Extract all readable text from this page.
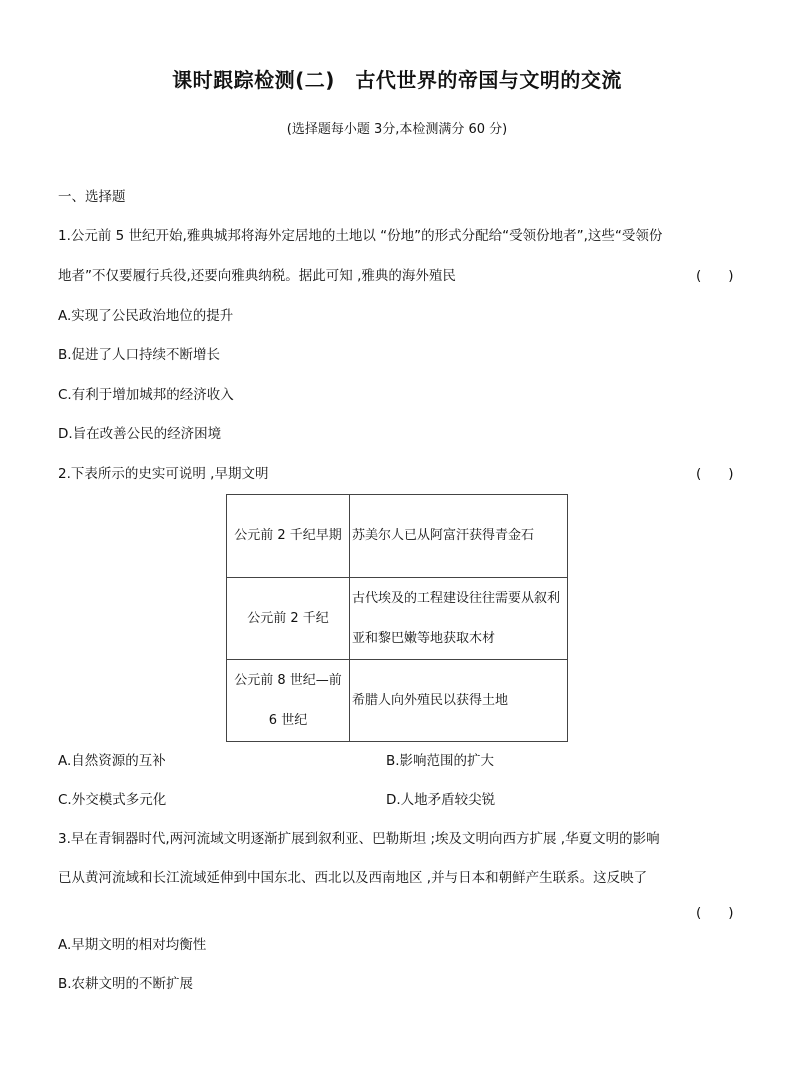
课时跟踪检测(二)　古代世界的帝国与文明的交流
(选择题每小题 3分,本检测满分 60 分)
一、选择题
1.公元前 5 世纪开始,雅典城邦将海外定居地的土地以 “份地”的形式分配给“受领份地者”,这些“受领份
地者”不仅要履行兵役,还要向雅典纳税。据此可知 ,雅典的海外殖民	(　　)
A.实现了公民政治地位的提升
B.促进了人口持续不断增长
C.有利于增加城邦的经济收入
D.旨在改善公民的经济困境
2.下表所示的史实可说明 ,早期文明	(　　)
公元前 2 千纪早期	苏美尔人已从阿富汗获得青金石
公元前 2 千纪	古代埃及的工程建设往往需要从叙利亚和黎巴嫩等地获取木材
公元前 8 世纪—前 6 世纪	希腊人向外殖民以获得土地
A.自然资源的互补	B.影响范围的扩大
C.外交模式多元化	D.人地矛盾较尖锐
3.早在青铜器时代,两河流域文明逐渐扩展到叙利亚、巴勒斯坦 ;埃及文明向西方扩展 ,华夏文明的影响
已从黄河流域和长江流域延伸到中国东北、西北以及西南地区 ,并与日本和朝鲜产生联系。这反映了
(　　)
A.早期文明的相对均衡性
B.农耕文明的不断扩展
